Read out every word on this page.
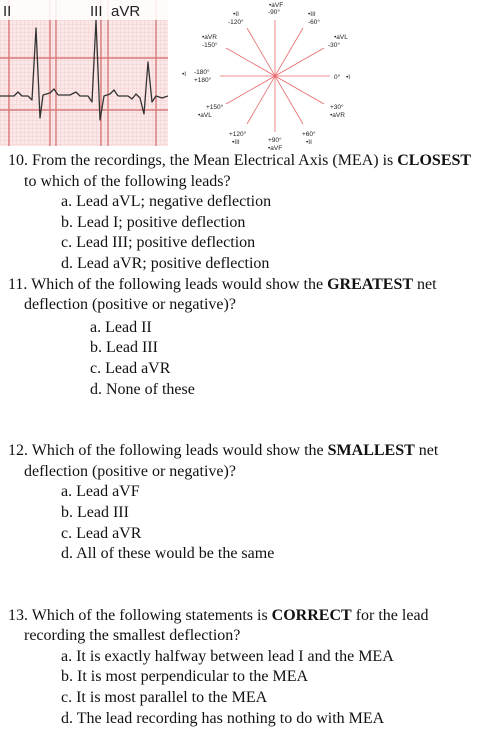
II	III aVR	•aVF
-90°
•II
-120°
•III
-60°
•aVR
-150°
•aVL
-30°
•I -180°
+180°	0° •I
+150°
•aVL
+30°
•aVR
+120°
•III	+90°
•aVF
+60°
•II
10. From the recordings, the Mean Electrical Axis (MEA) is CLOSEST to which of the following leads?
a. Lead aVL; negative deflection
b. Lead I; positive deflection
c. Lead III; positive deflection
d. Lead aVR; positive deflection
11. Which of the following leads would show the GREATEST net deflection (positive or negative)?
a. Lead II
b. Lead III
c. Lead aVR
d. None of these
12. Which of the following leads would show the SMALLEST net deflection (positive or negative)?
a. Lead aVF
b. Lead III
c. Lead aVR
d. All of these would be the same
13. Which of the following statements is CORRECT for the lead recording the smallest deflection?
a. It is exactly halfway between lead I and the MEA
b. It is most perpendicular to the MEA
c. It is most parallel to the MEA
d. The lead recording has nothing to do with MEA
